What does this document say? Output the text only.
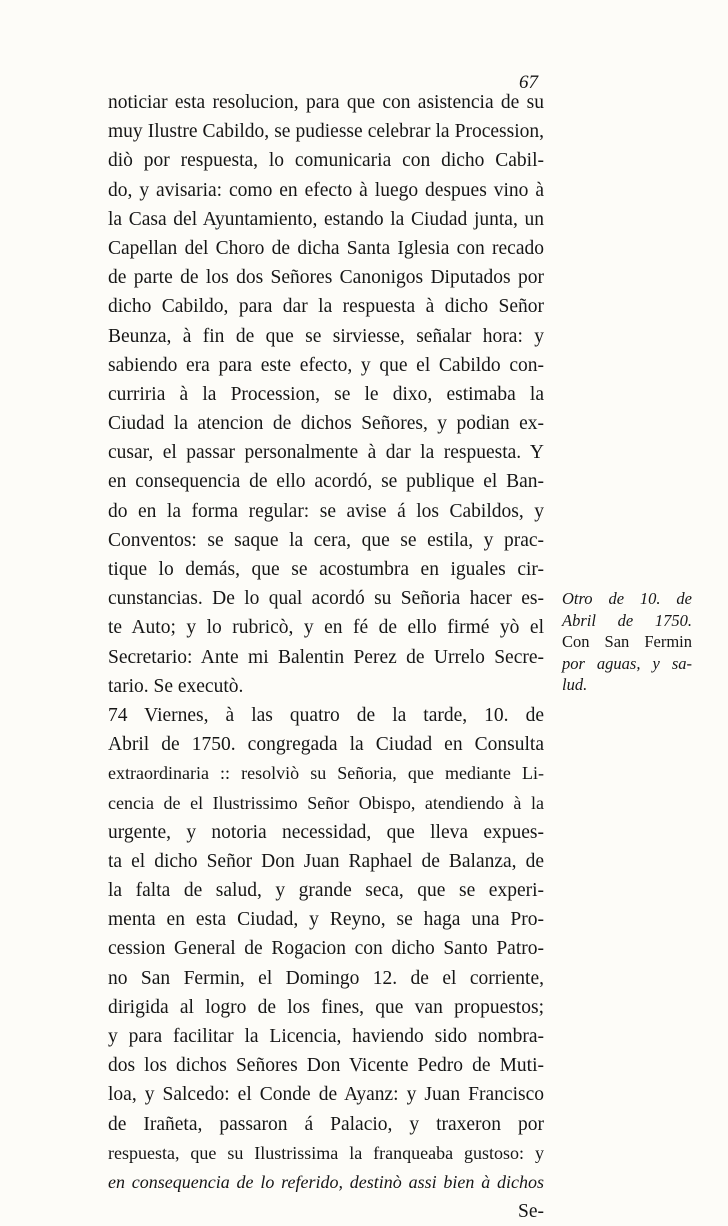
67
noticiar esta resolucion, para que con asistencia de su
muy Ilustre Cabildo, se pudiesse celebrar la Procession,
diò por respuesta, lo comunicaria con dicho Cabil-
do, y avisaria: como en efecto à luego despues vino à
la Casa del Ayuntamiento, estando la Ciudad junta, un
Capellan del Choro de dicha Santa Iglesia con recado
de parte de los dos Señores Canonigos Diputados por
dicho Cabildo, para dar la respuesta à dicho Señor
Beunza, à fin de que se sirviesse, señalar hora: y
sabiendo era para este efecto, y que el Cabildo con-
curriria à la Procession, se le dixo, estimaba la
Ciudad la atencion de dichos Señores, y podian ex-
cusar, el passar personalmente à dar la respuesta. Y
en consequencia de ello acordó, se publique el Ban-
do en la forma regular: se avise á los Cabildos, y
Conventos: se saque la cera, que se estila, y prac-
tique lo demás, que se acostumbra en iguales cir-
cunstancias. De lo qual acordó su Señoria hacer es-
te Auto; y lo rubricò, y en fé de ello firmé yò el
Secretario: Ante mi Balentin Perez de Urrelo Secre-
tario. Se executò.
74 Viernes, à las quatro de la tarde, 10. de
Abril de 1750. congregada la Ciudad en Consulta
extraordinaria :: resolviò su Señoria, que mediante Li-
cencia de el Ilustrissimo Señor Obispo, atendiendo à la
urgente, y notoria necessidad, que lleva expues-
ta el dicho Señor Don Juan Raphael de Balanza, de
la falta de salud, y grande seca, que se experi-
menta en esta Ciudad, y Reyno, se haga una Pro-
cession General de Rogacion con dicho Santo Patro-
no San Fermin, el Domingo 12. de el corriente,
dirigida al logro de los fines, que van propuestos;
y para facilitar la Licencia, haviendo sido nombra-
dos los dichos Señores Don Vicente Pedro de Muti-
loa, y Salcedo: el Conde de Ayanz: y Juan Francisco
de Irañeta, passaron á Palacio, y traxeron por
respuesta, que su Ilustrissima la franqueaba gustoso: y
en consequencia de lo referido, destinò assi bien à dichos
Se-
Otro de 10. de
Abril de 1750.
Con San Fermin
por aguas, y sa-
lud.
